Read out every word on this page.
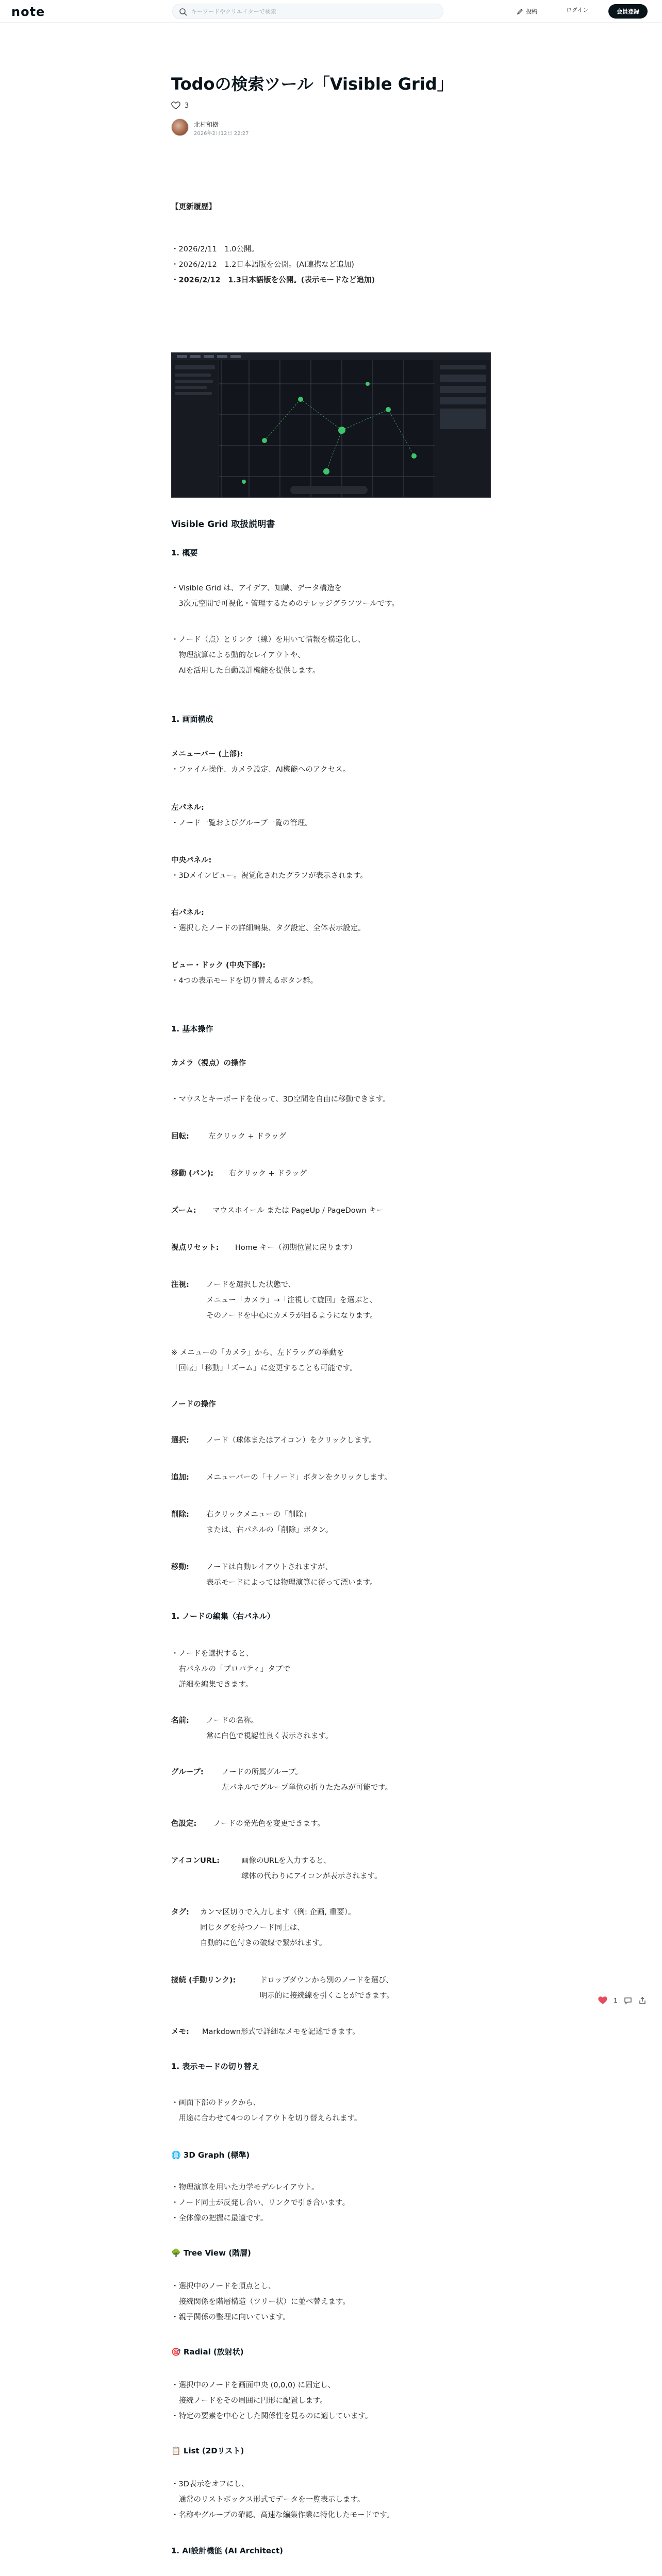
note
キーワードやクリエイターで検索	投稿	ログイン	会員登録
Todoの検索ツール「Visible Grid」
3
北村和樹
2026年2月12日 22:27
【更新履歴】
・2026/2/11　1.0公開。
・2026/2/12　1.2日本語版を公開。(AI連携など追加)
・2026/2/12　1.3日本語版を公開。(表示モードなど追加)
Visible Grid 取扱説明書
1. 概要
・Visible Grid は、アイデア、知識、データ構造を
　3次元空間で可視化・管理するためのナレッジグラフツールです。
・ノード（点）とリンク（線）を用いて情報を構造化し、
　物理演算による動的なレイアウトや、
　AIを活用した自動設計機能を提供します。
1. 画面構成
メニューバー (上部):
・ファイル操作、カメラ設定、AI機能へのアクセス。
左パネル:
・ノード一覧およびグループ一覧の管理。
中央パネル:
・3Dメインビュー。視覚化されたグラフが表示されます。
右パネル:
・選択したノードの詳細編集、タグ設定、全体表示設定。
ビュー・ドック (中央下部):
・4つの表示モードを切り替えるボタン群。
1. 基本操作
カメラ（視点）の操作
・マウスとキーボードを使って、3D空間を自由に移動できます。
回転:	左クリック + ドラッグ
移動 (パン): 右クリック + ドラッグ
ズーム: マウスホイール または PageUp / PageDown キー
視点リセット: Home キー（初期位置に戻ります）
注視: ノードを選択した状態で、
メニュー「カメラ」→「注視して旋回」を選ぶと、
そのノードを中心にカメラが回るようになります。
※ メニューの「カメラ」から、左ドラッグの挙動を
「回転」「移動」「ズーム」に変更することも可能です。
ノードの操作
選択: ノード（球体またはアイコン）をクリックします。
追加: メニューバーの「＋ノード」ボタンをクリックします。
削除: 右クリックメニューの「削除」
または、右パネルの「削除」ボタン。
移動: ノードは自動レイアウトされますが、
表示モードによっては物理演算に従って漂います。
1. ノードの編集（右パネル）
・ノードを選択すると、
　右パネルの「プロパティ」タブで
　詳細を編集できます。
名前: ノードの名称。
常に白色で視認性良く表示されます。
グループ: ノードの所属グループ。
左パネルでグループ単位の折りたたみが可能です。
色設定: ノードの発光色を変更できます。
アイコンURL:	画像のURLを入力すると、
球体の代わりにアイコンが表示されます。
タグ: カンマ区切りで入力します（例: 企画, 重要）。
同じタグを持つノード同士は、
自動的に色付きの破線で繋がれます。
接続 (手動リンク):	ドロップダウンから別のノードを選び、
明示的に接続線を引くことができます。
メモ: Markdown形式で詳細なメモを記述できます。
1. 表示モードの切り替え
・画面下部のドックから、
　用途に合わせて4つのレイアウトを切り替えられます。
🌐 3D Graph (標準)
・物理演算を用いた力学モデルレイアウト。
・ノード同士が反発し合い、リンクで引き合います。
・全体像の把握に最適です。
🌳 Tree View (階層)
・選択中のノードを頂点とし、
　接続関係を階層構造（ツリー状）に並べ替えます。
・親子関係の整理に向いています。
🎯 Radial (放射状)
・選択中のノードを画面中央 (0,0,0) に固定し、
　接続ノードをその周囲に円形に配置します。
・特定の要素を中心とした関係性を見るのに適しています。
📋 List (2Dリスト)
・3D表示をオフにし、
　通常のリストボックス形式でデータを一覧表示します。
・名称やグループの確認、高速な編集作業に特化したモードです。
1. AI設計機能 (AI Architect)
1
